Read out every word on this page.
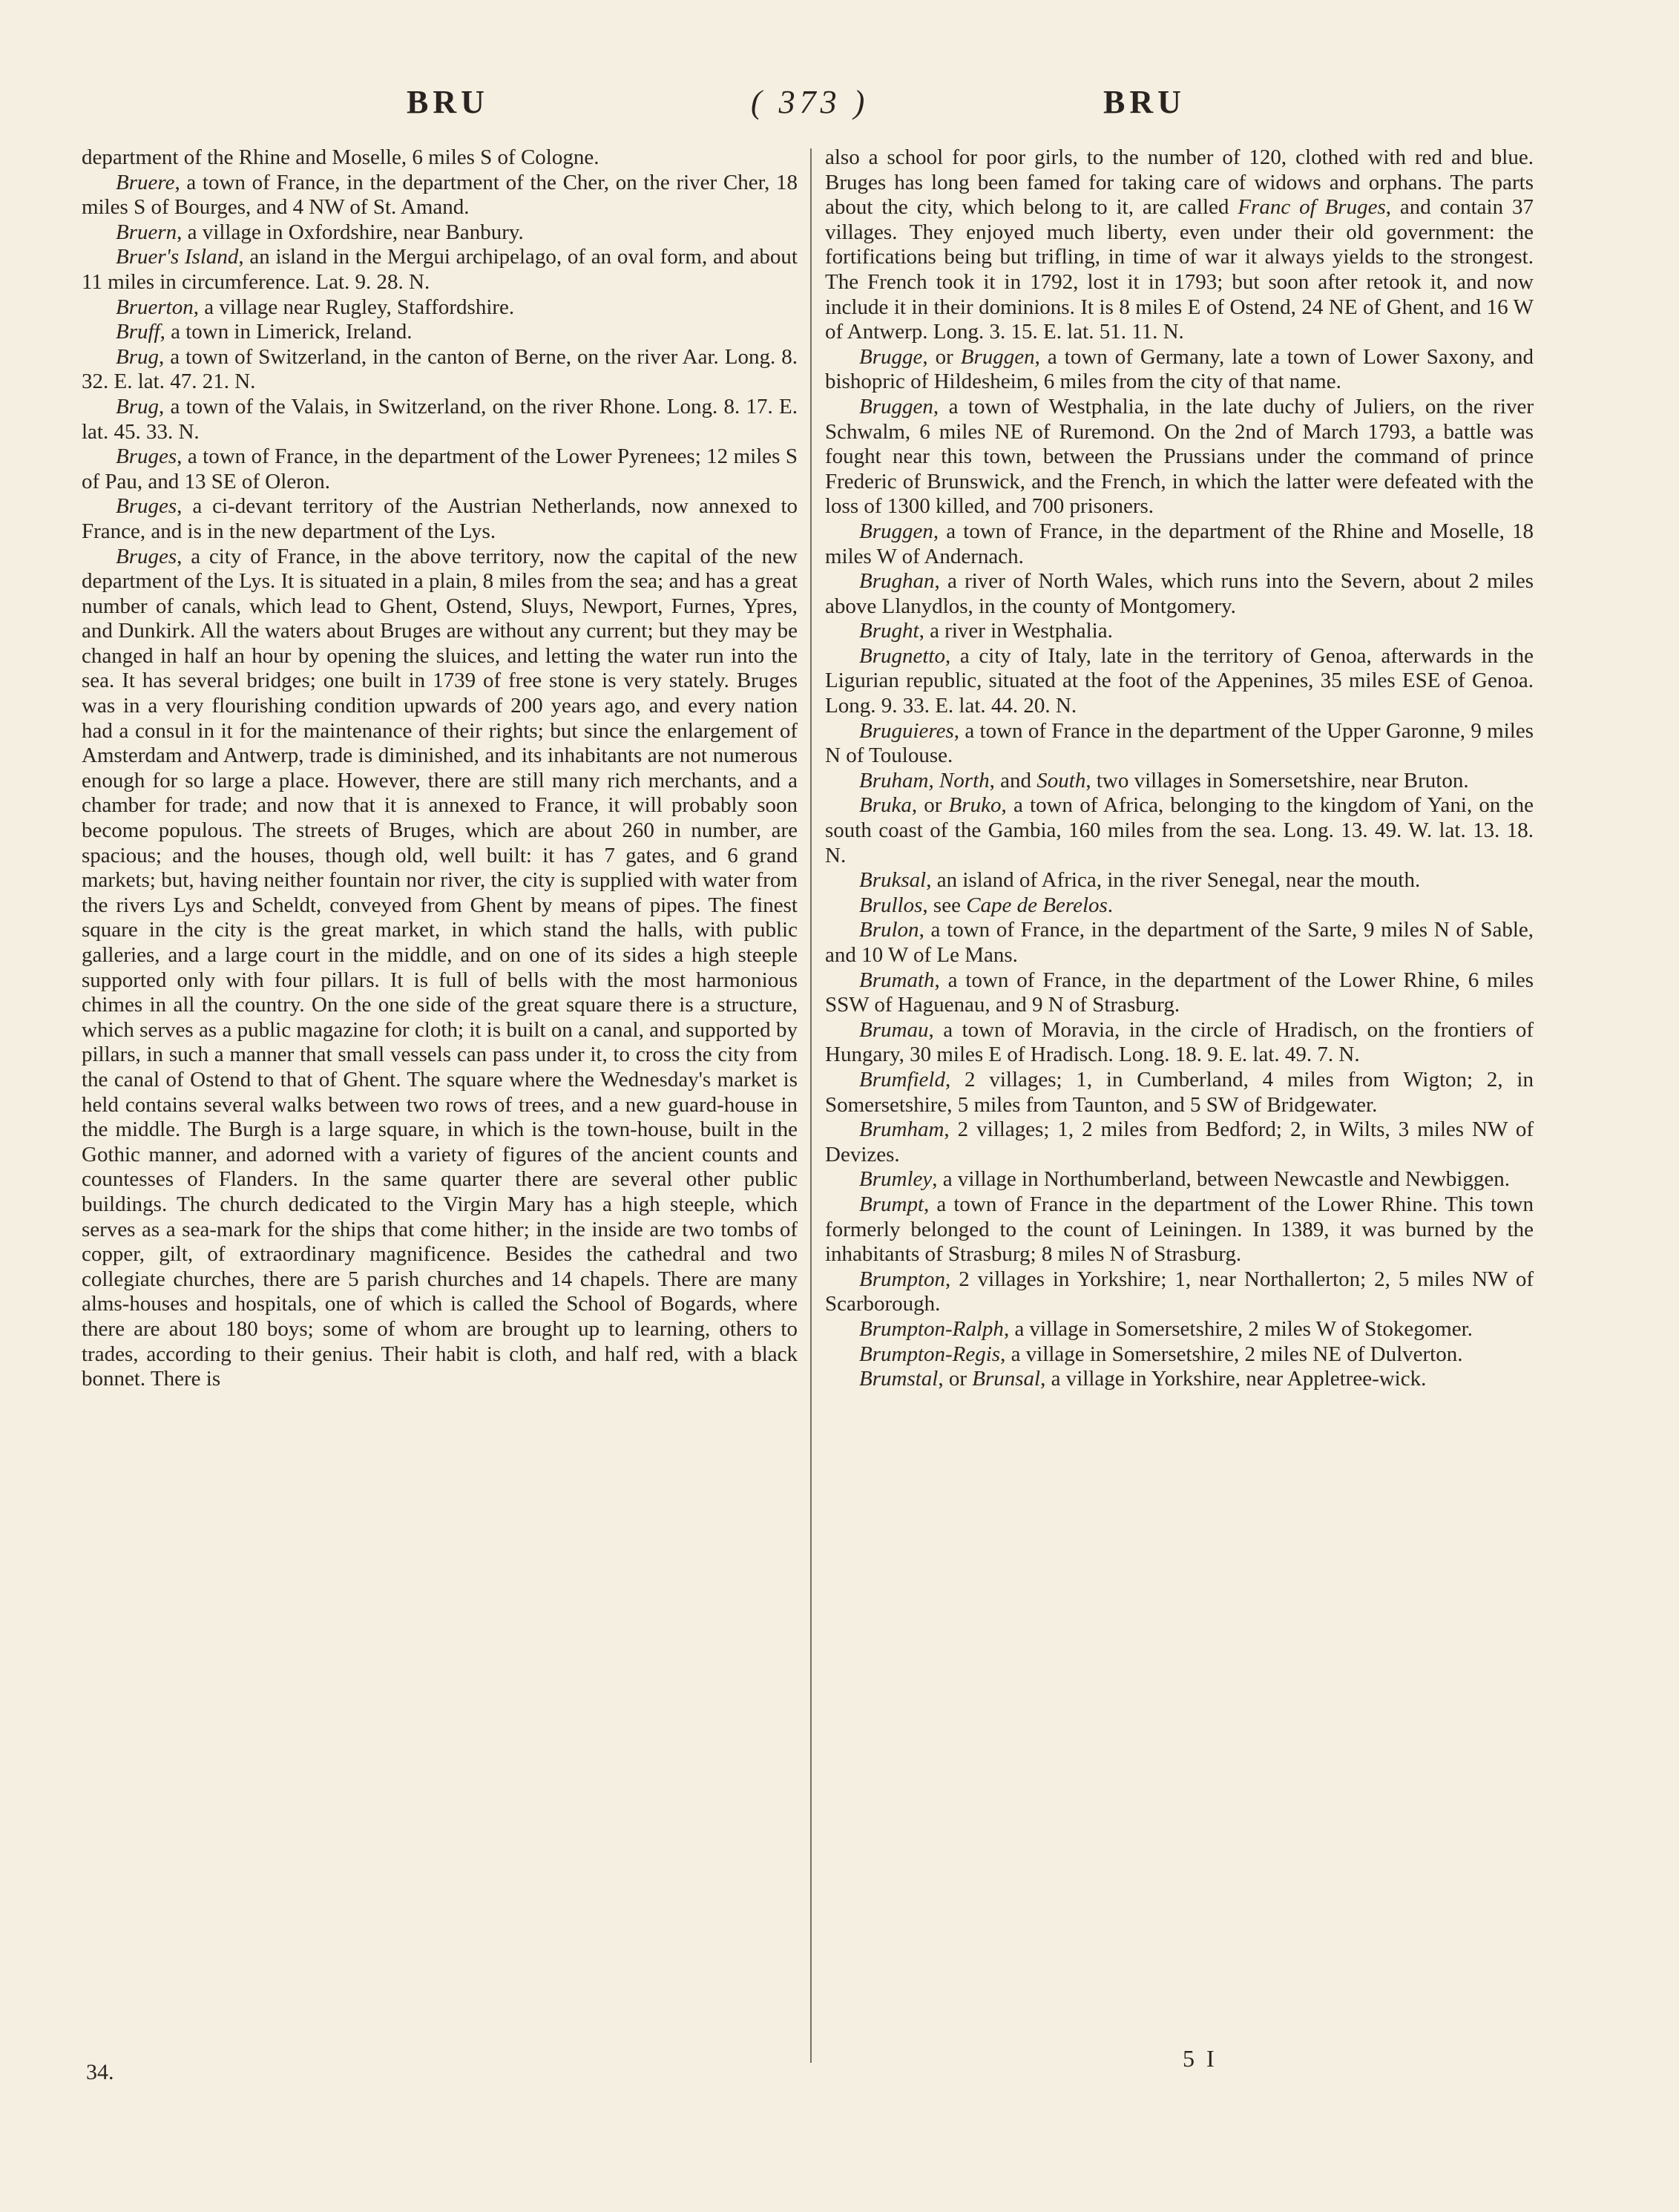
BRU	( 373 )	BRU

department of the Rhine and Moselle, 6 miles S of Cologne.

Bruere, a town of France, in the department of the Cher, on the river Cher, 18 miles S of Bourges, and 4 NW of St. Amand.

Bruern, a village in Oxfordshire, near Banbury.

Bruer's Island, an island in the Mergui archipelago, of an oval form, and about 11 miles in circumference. Lat. 9. 28. N.

Bruerton, a village near Rugley, Staffordshire.

Bruff, a town in Limerick, Ireland.

Brug, a town of Switzerland, in the canton of Berne, on the river Aar. Long. 8. 32. E. lat. 47. 21. N.

Brug, a town of the Valais, in Switzerland, on the river Rhone. Long. 8. 17. E. lat. 45. 33. N.

Bruges, a town of France, in the department of the Lower Pyrenees; 12 miles S of Pau, and 13 SE of Oleron.

Bruges, a ci-devant territory of the Austrian Netherlands, now annexed to France, and is in the new department of the Lys.

Bruges, a city of France, in the above territory, now the capital of the new department of the Lys. It is situated in a plain, 8 miles from the sea; and has a great number of canals, which lead to Ghent, Ostend, Sluys, Newport, Furnes, Ypres, and Dunkirk. All the waters about Bruges are without any current; but they may be changed in half an hour by opening the sluices, and letting the water run into the sea. It has several bridges; one built in 1739 of free stone is very stately. Bruges was in a very flourishing condition upwards of 200 years ago, and every nation had a consul in it for the maintenance of their rights; but since the enlargement of Amsterdam and Antwerp, trade is diminished, and its inhabitants are not numerous enough for so large a place. However, there are still many rich merchants, and a chamber for trade; and now that it is annexed to France, it will probably soon become populous. The streets of Bruges, which are about 260 in number, are spacious; and the houses, though old, well built: it has 7 gates, and 6 grand markets; but, having neither fountain nor river, the city is supplied with water from the rivers Lys and Scheldt, conveyed from Ghent by means of pipes. The finest square in the city is the great market, in which stand the halls, with public galleries, and a large court in the middle, and on one of its sides a high steeple supported only with four pillars. It is full of bells with the most harmonious chimes in all the country. On the one side of the great square there is a structure, which serves as a public magazine for cloth; it is built on a canal, and supported by pillars, in such a manner that small vessels can pass under it, to cross the city from the canal of Ostend to that of Ghent. The square where the Wednesday's market is held contains several walks between two rows of trees, and a new guard-house in the middle. The Burgh is a large square, in which is the town-house, built in the Gothic manner, and adorned with a variety of figures of the ancient counts and countesses of Flanders. In the same quarter there are several other public buildings. The church dedicated to the Virgin Mary has a high steeple, which serves as a sea-mark for the ships that come hither; in the inside are two tombs of copper, gilt, of extraordinary magnificence. Besides the cathedral and two collegiate churches, there are 5 parish churches and 14 chapels. There are many alms-houses and hospitals, one of which is called the School of Bogards, where there are about 180 boys; some of whom are brought up to learning, others to trades, according to their genius. Their habit is cloth, and half red, with a black bonnet. There is

also a school for poor girls, to the number of 120, clothed with red and blue. Bruges has long been famed for taking care of widows and orphans. The parts about the city, which belong to it, are called Franc of Bruges, and contain 37 villages. They enjoyed much liberty, even under their old government: the fortifications being but trifling, in time of war it always yields to the strongest. The French took it in 1792, lost it in 1793; but soon after retook it, and now include it in their dominions. It is 8 miles E of Ostend, 24 NE of Ghent, and 16 W of Antwerp. Long. 3. 15. E. lat. 51. 11. N.

Brugge, or Bruggen, a town of Germany, late a town of Lower Saxony, and bishopric of Hildesheim, 6 miles from the city of that name.

Bruggen, a town of Westphalia, in the late duchy of Juliers, on the river Schwalm, 6 miles NE of Ruremond. On the 2nd of March 1793, a battle was fought near this town, between the Prussians under the command of prince Frederic of Brunswick, and the French, in which the latter were defeated with the loss of 1300 killed, and 700 prisoners.

Bruggen, a town of France, in the department of the Rhine and Moselle, 18 miles W of Andernach.

Brughan, a river of North Wales, which runs into the Severn, about 2 miles above Llanydlos, in the county of Montgomery.

Brught, a river in Westphalia.

Brugnetto, a city of Italy, late in the territory of Genoa, afterwards in the Ligurian republic, situated at the foot of the Appenines, 35 miles ESE of Genoa. Long. 9. 33. E. lat. 44. 20. N.

Bruguieres, a town of France in the department of the Upper Garonne, 9 miles N of Toulouse.

Bruham, North, and South, two villages in Somersetshire, near Bruton.

Bruka, or Bruko, a town of Africa, belonging to the kingdom of Yani, on the south coast of the Gambia, 160 miles from the sea. Long. 13. 49. W. lat. 13. 18. N.

Bruksal, an island of Africa, in the river Senegal, near the mouth.

Brullos, see Cape de Berelos.

Brulon, a town of France, in the department of the Sarte, 9 miles N of Sable, and 10 W of Le Mans.

Brumath, a town of France, in the department of the Lower Rhine, 6 miles SSW of Haguenau, and 9 N of Strasburg.

Brumau, a town of Moravia, in the circle of Hradisch, on the frontiers of Hungary, 30 miles E of Hradisch. Long. 18. 9. E. lat. 49. 7. N.

Brumfield, 2 villages; 1, in Cumberland, 4 miles from Wigton; 2, in Somersetshire, 5 miles from Taunton, and 5 SW of Bridgewater.

Brumham, 2 villages; 1, 2 miles from Bedford; 2, in Wilts, 3 miles NW of Devizes.

Brumley, a village in Northumberland, between Newcastle and Newbiggen.

Brumpt, a town of France in the department of the Lower Rhine. This town formerly belonged to the count of Leiningen. In 1389, it was burned by the inhabitants of Strasburg; 8 miles N of Strasburg.

Brumpton, 2 villages in Yorkshire; 1, near Northallerton; 2, 5 miles NW of Scarborough.

Brumpton-Ralph, a village in Somersetshire, 2 miles W of Stokegomer.

Brumpton-Regis, a village in Somersetshire, 2 miles NE of Dulverton.

Brumstal, or Brunsal, a village in Yorkshire, near Appletree-wick.

34.
5 I
